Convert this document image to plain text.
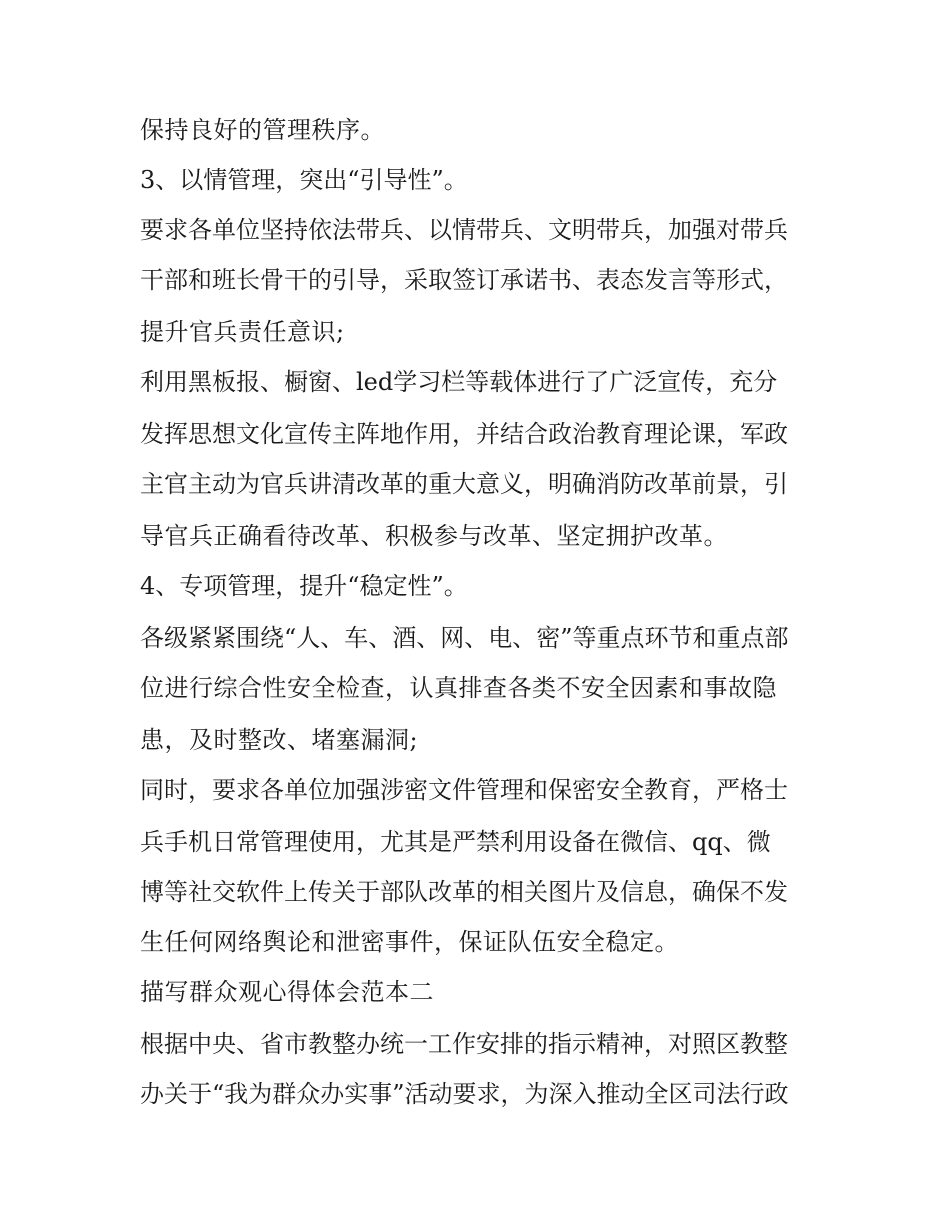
保持良好的管理秩序。
3、以情管理，突出“引导性”。
要求各单位坚持依法带兵、以情带兵、文明带兵，加强对带兵
干部和班长骨干的引导，采取签订承诺书、表态发言等形式，
提升官兵责任意识;
利用黑板报、橱窗、led学习栏等载体进行了广泛宣传，充分
发挥思想文化宣传主阵地作用，并结合政治教育理论课，军政
主官主动为官兵讲清改革的重大意义，明确消防改革前景，引
导官兵正确看待改革、积极参与改革、坚定拥护改革。
4、专项管理，提升“稳定性”。
各级紧紧围绕“人、车、酒、网、电、密”等重点环节和重点部
位进行综合性安全检查，认真排查各类不安全因素和事故隐
患，及时整改、堵塞漏洞;
同时，要求各单位加强涉密文件管理和保密安全教育，严格士
兵手机日常管理使用，尤其是严禁利用设备在微信、qq、微
博等社交软件上传关于部队改革的相关图片及信息，确保不发
生任何网络舆论和泄密事件，保证队伍安全稳定。
描写群众观心得体会范本二
根据中央、省市教整办统一工作安排的指示精神，对照区教整
办关于“我为群众办实事”活动要求，为深入推动全区司法行政
